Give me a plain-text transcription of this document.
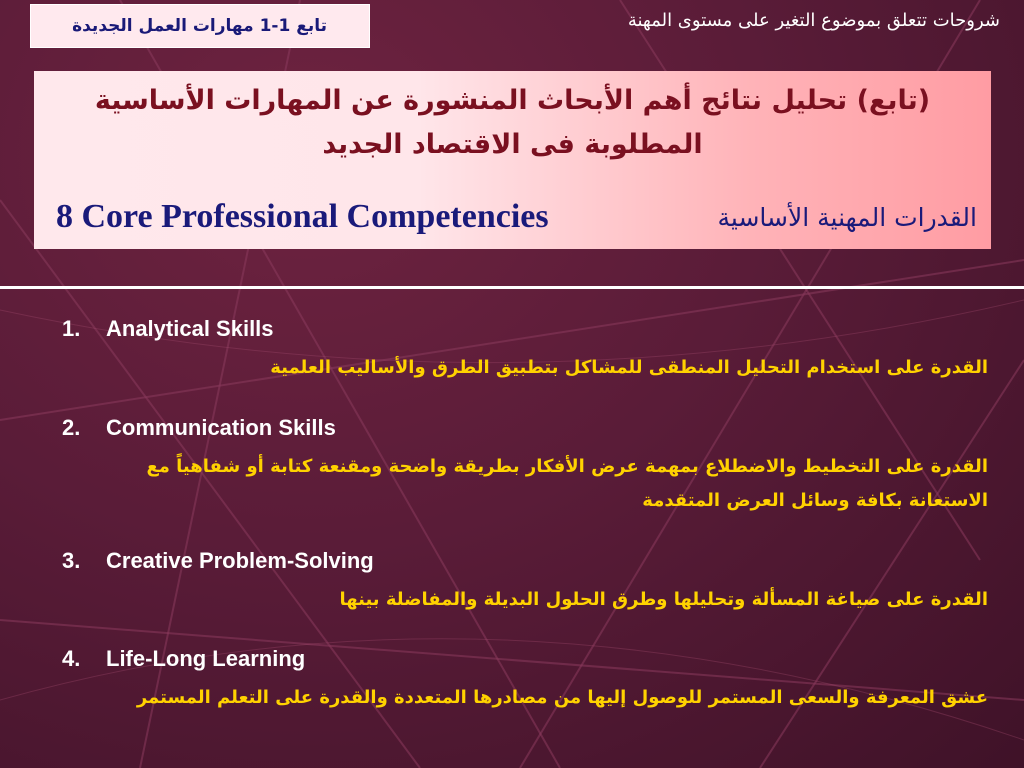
شروحات تتعلق بموضوع التغير على مستوى المهنة
تابع 1-1 مهارات العمل الجديدة
(تابع) تحليل نتائج أهم الأبحاث المنشورة عن المهارات الأساسية
المطلوبة فى الاقتصاد الجديد
8 Core Professional Competencies	القدرات المهنية الأساسية
1. Analytical Skills
القدرة على استخدام التحليل المنطقى للمشاكل بتطبيق الطرق والأساليب العلمية
2. Communication Skills
القدرة على التخطيط والاضطلاع بمهمة عرض الأفكار بطريقة واضحة ومقنعة كتابة أو شفاهياً مع الاستعانة بكافة وسائل العرض المتقدمة
3. Creative Problem-Solving
القدرة على صياغة المسألة وتحليلها وطرق الحلول البديلة والمفاضلة بينها
4. Life-Long Learning
عشق المعرفة والسعى المستمر للوصول إليها من مصادرها المتعددة والقدرة على التعلم المستمر
